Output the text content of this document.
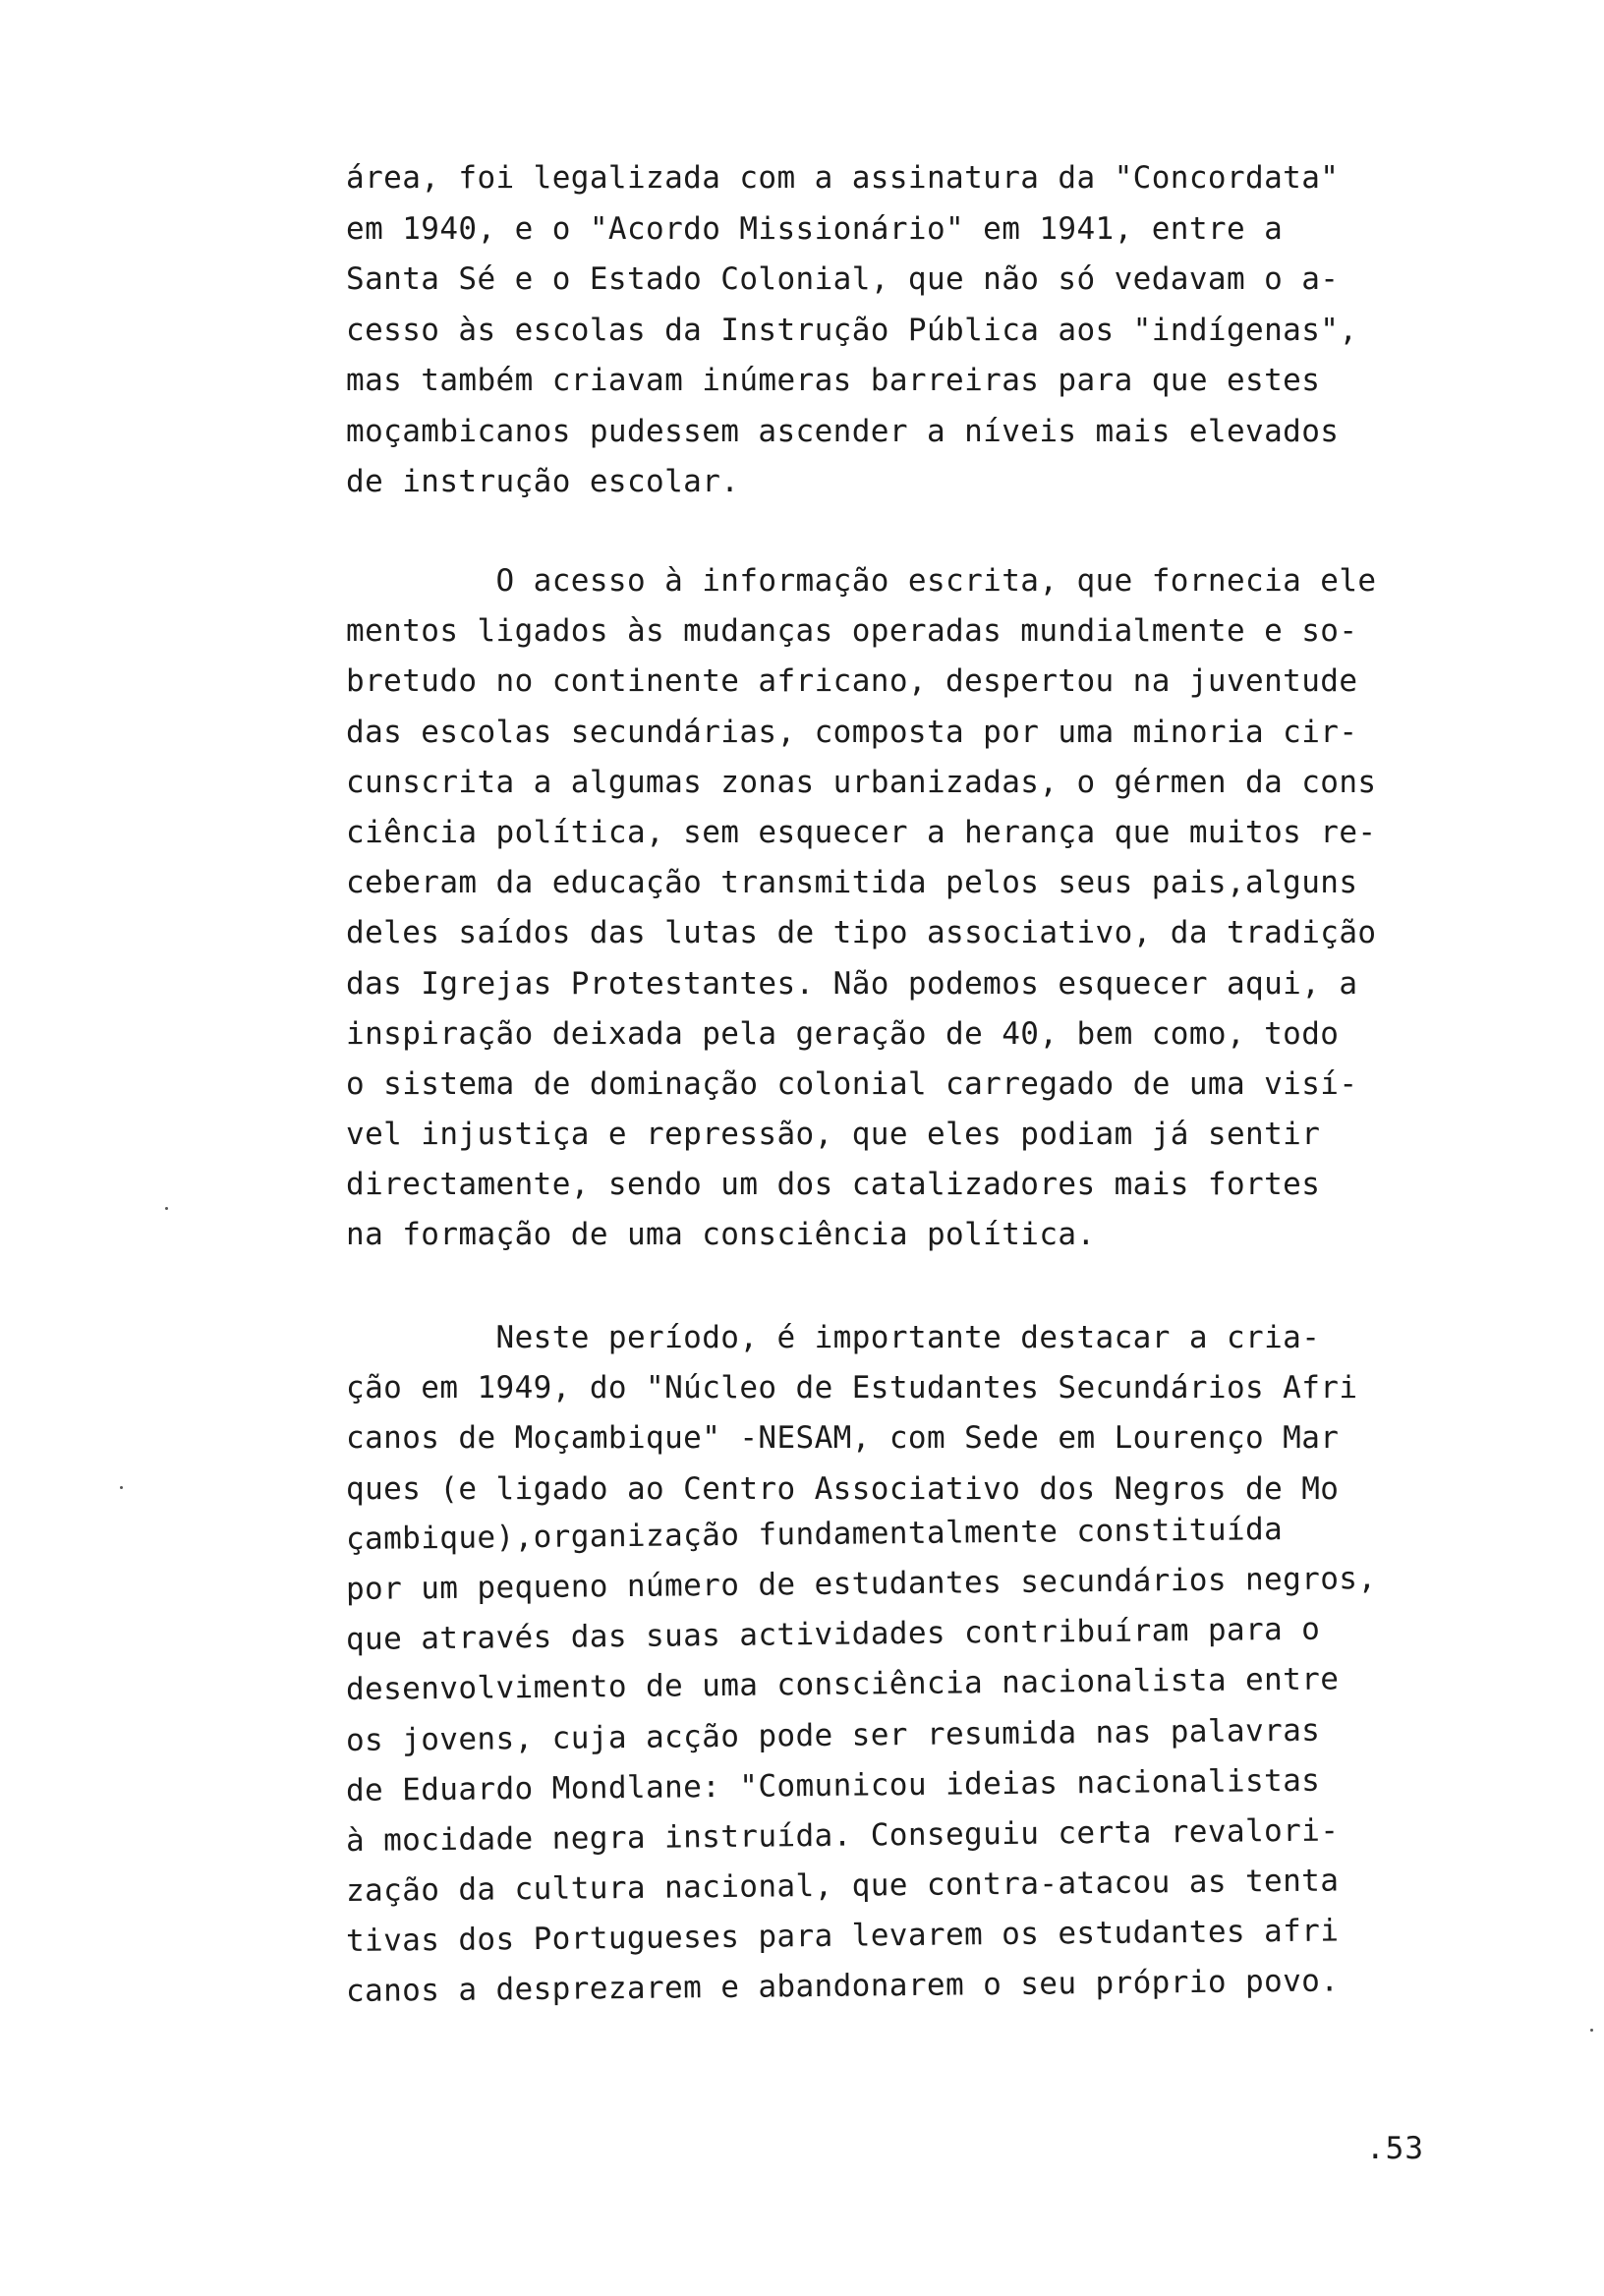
área, foi legalizada com a assinatura da "Concordata"
em 1940, e o "Acordo Missionário" em 1941, entre a
Santa Sé e o Estado Colonial, que não só vedavam o a-
cesso às escolas da Instrução Pública aos "indígenas",
mas também criavam inúmeras barreiras para que estes
moçambicanos pudessem ascender a níveis mais elevados
de instrução escolar.
O acesso à informação escrita, que fornecia ele
mentos ligados às mudanças operadas mundialmente e so-
bretudo no continente africano, despertou na juventude
das escolas secundárias, composta por uma minoria cir-
cunscrita a algumas zonas urbanizadas, o gérmen da cons
ciência política, sem esquecer a herança que muitos re-
ceberam da educação transmitida pelos seus pais,alguns
deles saídos das lutas de tipo associativo, da tradição
das Igrejas Protestantes. Não podemos esquecer aqui, a
inspiração deixada pela geração de 40, bem como, todo
o sistema de dominação colonial carregado de uma visí-
vel injustiça e repressão, que eles podiam já sentir
directamente, sendo um dos catalizadores mais fortes
na formação de uma consciência política.
Neste período, é importante destacar a cria-
ção em 1949, do "Núcleo de Estudantes Secundários Afri
canos de Moçambique" -NESAM, com Sede em Lourenço Mar
ques (e ligado ao Centro Associativo dos Negros de Mo
çambique),organização fundamentalmente constituída
por um pequeno número de estudantes secundários negros,
que através das suas actividades contribuíram para o
desenvolvimento de uma consciência nacionalista entre
os jovens, cuja acção pode ser resumida nas palavras
de Eduardo Mondlane: "Comunicou ideias nacionalistas
à mocidade negra instruída. Conseguiu certa revalori-
zação da cultura nacional, que contra-atacou as tenta
tivas dos Portugueses para levarem os estudantes afri
canos a desprezarem e abandonarem o seu próprio povo.
.53
